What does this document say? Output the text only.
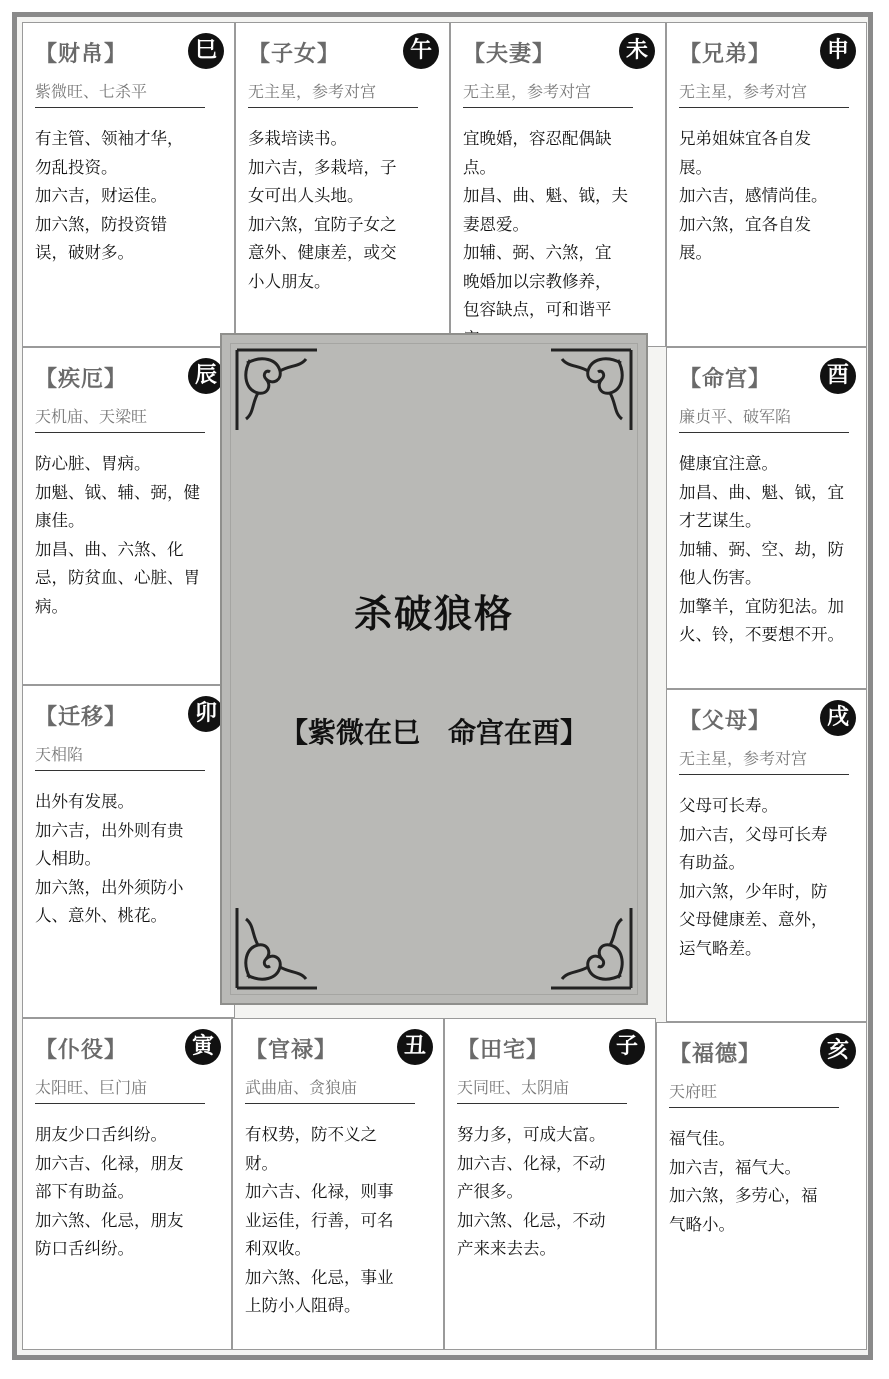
【财帛】	巳
紫微旺、七杀平
有主管、领袖才华，
勿乱投资。
加六吉，财运佳。
加六煞，防投资错
误，破财多。
【子女】	午
无主星，参考对宫
多栽培读书。
加六吉，多栽培，子
女可出人头地。
加六煞，宜防子女之
意外、健康差，或交
小人朋友。
【夫妻】	未
无主星，参考对宫
宜晚婚，容忍配偶缺
点。
加昌、曲、魁、钺，夫
妻恩爱。
加辅、弼、六煞，宜
晚婚加以宗教修养，
包容缺点，可和谐平
【兄弟】	申
无主星，参考对宫
兄弟姐妹宜各自发
展。
加六吉，感情尚佳。
加六煞，宜各自发
展。
【疾厄】	辰
天机庙、天梁旺
防心脏、胃病。
加魁、钺、辅、弼，健
康佳。
加昌、曲、六煞、化
忌，防贫血、心脏、胃
病。
【迁移】	卯
天相陷
出外有发展。
加六吉，出外则有贵
人相助。
加六煞，出外须防小
人、意外、桃花。
【命宫】	酉
廉贞平、破军陷
健康宜注意。
加昌、曲、魁、钺，宜
才艺谋生。
加辅、弼、空、劫，防
他人伤害。
加擎羊，宜防犯法。加
火、铃，不要想不开。
【父母】	戌
无主星，参考对宫
父母可长寿。
加六吉，父母可长寿
有助益。
加六煞，少年时，防
父母健康差、意外，
运气略差。
【仆役】	寅
太阳旺、巨门庙
朋友少口舌纠纷。
加六吉、化禄，朋友
部下有助益。
加六煞、化忌，朋友
防口舌纠纷。
【官禄】	丑
武曲庙、贪狼庙
有权势，防不义之
财。
加六吉、化禄，则事
业运佳，行善，可名
利双收。
加六煞、化忌，事业
上防小人阻碍。
【田宅】	子
天同旺、太阴庙
努力多，可成大富。
加六吉、化禄，不动
产很多。
加六煞、化忌，不动
产来来去去。
【福德】	亥
天府旺
福气佳。
加六吉，福气大。
加六煞，多劳心，福
气略小。
杀破狼格
【紫微在巳　命宫在酉】
